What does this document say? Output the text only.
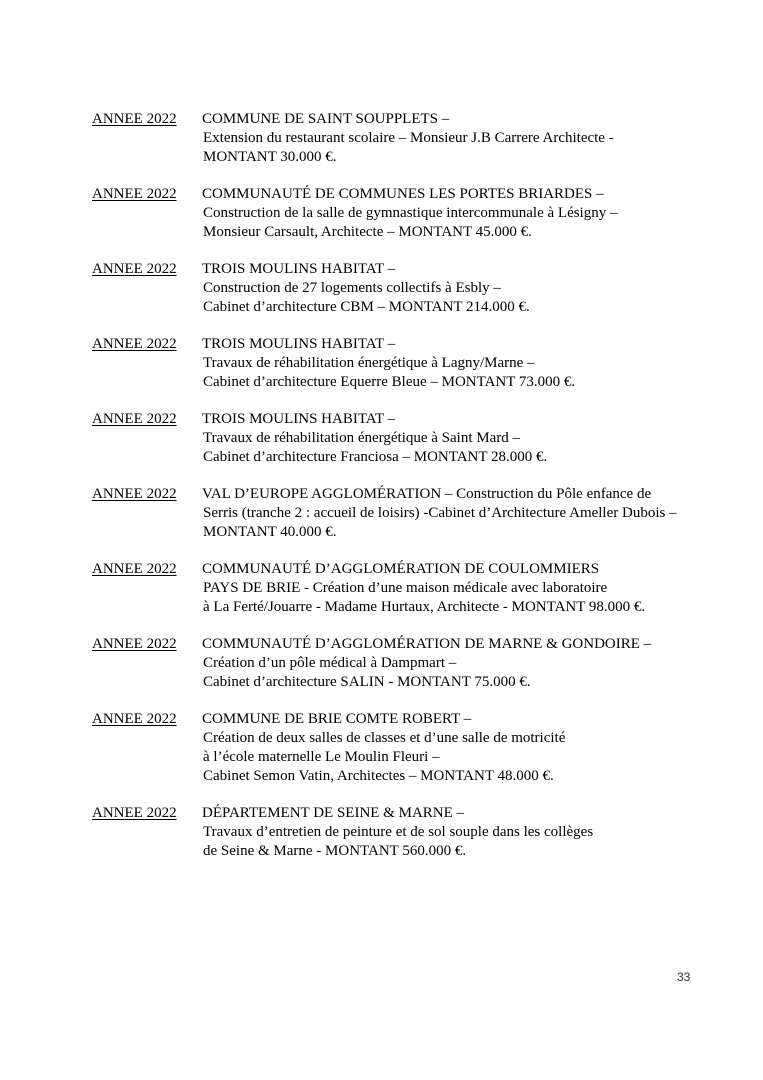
ANNEE 2022	COMMUNE DE SAINT SOUPPLETS –
Extension du restaurant scolaire – Monsieur J.B Carrere Architecte -
MONTANT 30.000 €.
ANNEE 2022	COMMUNAUTÉ DE COMMUNES LES PORTES BRIARDES –
Construction de la salle de gymnastique intercommunale à Lésigny –
Monsieur Carsault, Architecte – MONTANT 45.000 €.
ANNEE 2022	TROIS MOULINS HABITAT –
Construction de 27 logements collectifs à Esbly –
Cabinet d’architecture CBM – MONTANT 214.000 €.
ANNEE 2022	TROIS MOULINS HABITAT –
Travaux de réhabilitation énergétique à Lagny/Marne –
Cabinet d’architecture Equerre Bleue – MONTANT 73.000 €.
ANNEE 2022	TROIS MOULINS HABITAT –
Travaux de réhabilitation énergétique à Saint Mard –
Cabinet d’architecture Franciosa – MONTANT 28.000 €.
ANNEE 2022	VAL D’EUROPE AGGLOMÉRATION – Construction du Pôle enfance de
Serris (tranche 2 : accueil de loisirs) -Cabinet d’Architecture Ameller Dubois –
MONTANT 40.000 €.
ANNEE 2022	COMMUNAUTÉ D’AGGLOMÉRATION DE COULOMMIERS
PAYS DE BRIE - Création d’une maison médicale avec laboratoire
à La Ferté/Jouarre - Madame Hurtaux, Architecte - MONTANT 98.000 €.
ANNEE 2022	COMMUNAUTÉ D’AGGLOMÉRATION DE MARNE & GONDOIRE –
Création d’un pôle médical à Dampmart –
Cabinet d’architecture SALIN - MONTANT 75.000 €.
ANNEE 2022	COMMUNE DE BRIE COMTE ROBERT –
Création de deux salles de classes et d’une salle de motricité
à l’école maternelle Le Moulin Fleuri –
Cabinet Semon Vatin, Architectes – MONTANT 48.000 €.
ANNEE 2022	DÉPARTEMENT DE SEINE & MARNE –
Travaux d’entretien de peinture et de sol souple dans les collèges
de Seine & Marne - MONTANT 560.000 €.
33
